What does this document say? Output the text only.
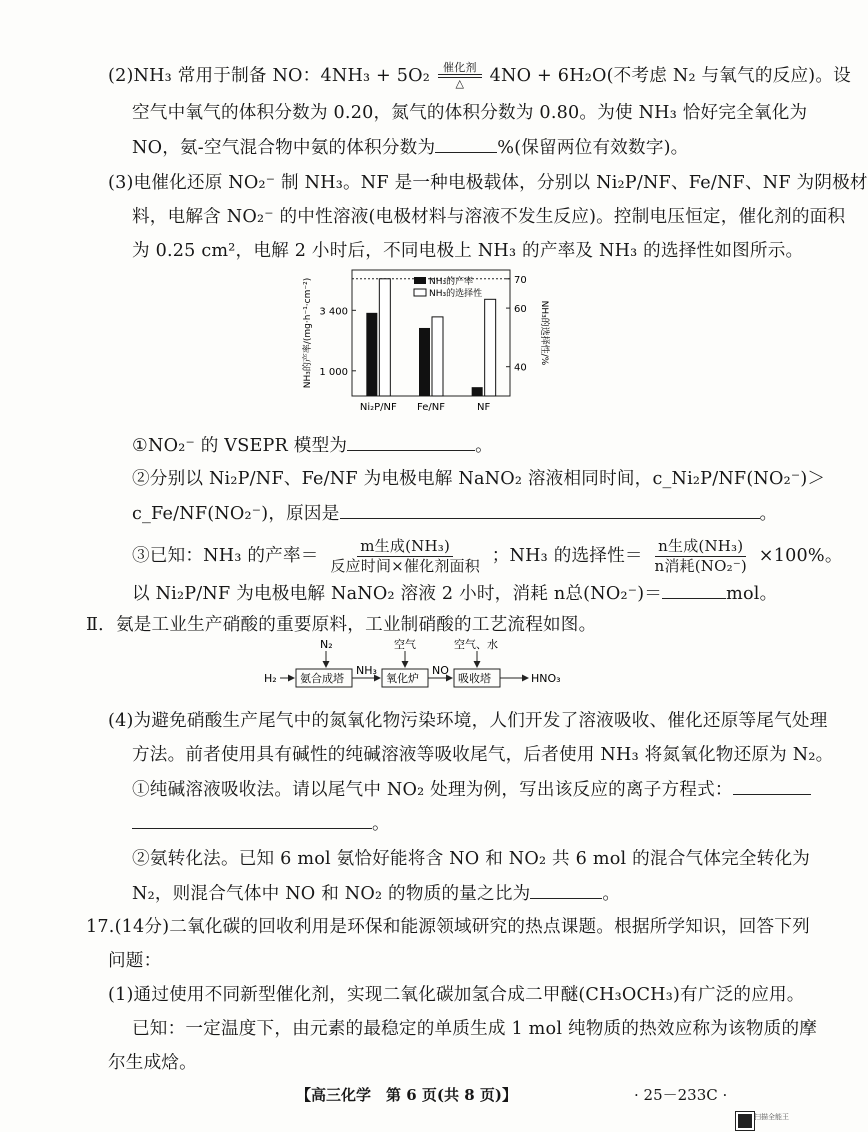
(2)NH₃ 常用于制备 NO：4NH₃ + 5O₂ 催化剂
△ 4NO + 6H₂O(不考虑 N₂ 与氧气的反应)。设
空气中氧气的体积分数为 0.20，氮气的体积分数为 0.80。为使 NH₃ 恰好完全氧化为
NO，氨-空气混合物中氨的体积分数为	%(保留两位有效数字)。
(3)电催化还原 NO₂⁻ 制 NH₃。NF 是一种电极载体，分别以 Ni₂P/NF、Fe/NF、NF 为阴极材
料，电解含 NO₂⁻ 的中性溶液(电极材料与溶液不发生反应)。控制电压恒定，催化剂的面积
为 0.25 cm²，电解 2 小时后，不同电极上 NH₃ 的产率及 NH₃ 的选择性如图所示。
1 000
3 400
40
60
70
Ni₂P/NF Fe/NF	NF
NH₃的产率
NH₃的选择性
NH₃的产率/(mg·h⁻¹·cm⁻²)	NH₃的选择性/%
①NO₂⁻ 的 VSEPR 模型为	。
②分别以 Ni₂P/NF、Fe/NF 为电极电解 NaNO₂ 溶液相同时间，c_Ni₂P/NF(NO₂⁻)＞
c_Fe/NF(NO₂⁻)，原因是	。
③已知：NH₃ 的产率＝ $\frac{\text{m生成(NH₃)}}{\text{反应时间×催化剂面积}}$ ；NH₃ 的选择性＝ $\frac{\text{n生成(NH₃)}}{\text{n消耗(NO₂⁻)}} \times 100\%$。
以 Ni₂P/NF 为电极电解 NaNO₂ 溶液 2 小时，消耗 n总(NO₂⁻)＝	mol。
Ⅱ．氨是工业生产硝酸的重要原料，工业制硝酸的工艺流程如图。
H₂ 氨合成塔
N₂
NH₃
氧化炉
空气
NO
吸收塔
空气、水
HNO₃
(4)为避免硝酸生产尾气中的氮氧化物污染环境，人们开发了溶液吸收、催化还原等尾气处理
方法。前者使用具有碱性的纯碱溶液等吸收尾气，后者使用 NH₃ 将氮氧化物还原为 N₂。
①纯碱溶液吸收法。请以尾气中 NO₂ 处理为例，写出该反应的离子方程式：
。
②氨转化法。已知 6 mol 氨恰好能将含 NO 和 NO₂ 共 6 mol 的混合气体完全转化为
N₂，则混合气体中 NO 和 NO₂ 的物质的量之比为	。
17.(14分)二氧化碳的回收利用是环保和能源领域研究的热点课题。根据所学知识，回答下列
问题：
(1)通过使用不同新型催化剂，实现二氧化碳加氢合成二甲醚(CH₃OCH₃)有广泛的应用。
已知：一定温度下，由元素的最稳定的单质生成 1 mol 纯物质的热效应称为该物质的摩
尔生成焓。
【高三化学　第 6 页(共 8 页)】	· 25－233C ·
扫描全能王
